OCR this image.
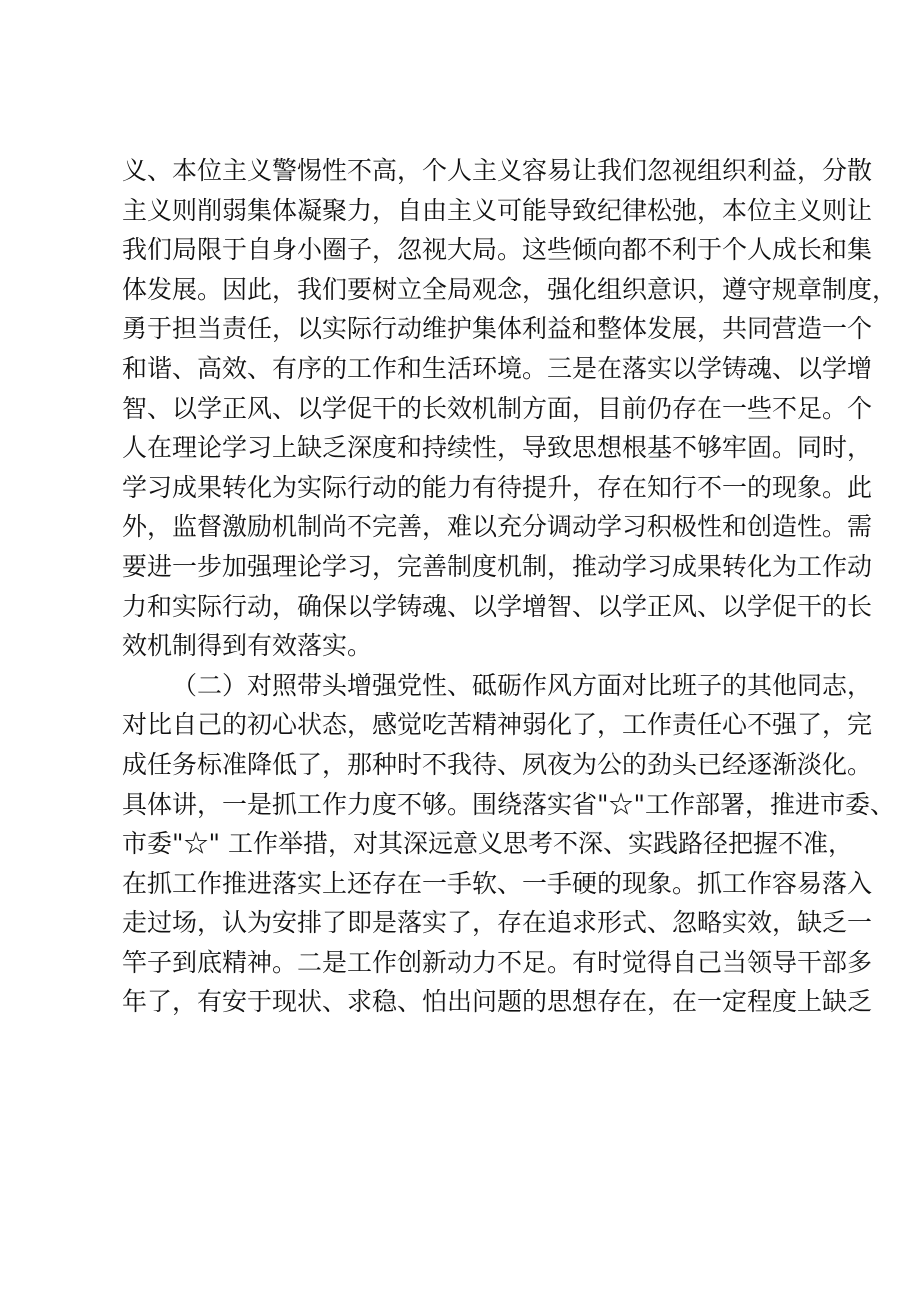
义、本位主义警惕性不高，个人主义容易让我们忽视组织利益，分散
主义则削弱集体凝聚力，自由主义可能导致纪律松弛，本位主义则让
我们局限于自身小圈子，忽视大局。这些倾向都不利于个人成长和集
体发展。因此，我们要树立全局观念，强化组织意识，遵守规章制度，
勇于担当责任，以实际行动维护集体利益和整体发展，共同营造一个
和谐、高效、有序的工作和生活环境。三是在落实以学铸魂、以学增
智、以学正风、以学促干的长效机制方面，目前仍存在一些不足。个
人在理论学习上缺乏深度和持续性，导致思想根基不够牢固。同时，
学习成果转化为实际行动的能力有待提升，存在知行不一的现象。此
外，监督激励机制尚不完善，难以充分调动学习积极性和创造性。需
要进一步加强理论学习，完善制度机制，推动学习成果转化为工作动
力和实际行动，确保以学铸魂、以学增智、以学正风、以学促干的长
效机制得到有效落实。
（二）对照带头增强党性、砥砺作风方面对比班子的其他同志，
对比自己的初心状态，感觉吃苦精神弱化了，工作责任心不强了，完
成任务标准降低了，那种时不我待、夙夜为公的劲头已经逐渐淡化。
具体讲，一是抓工作力度不够。围绕落实省"☆"工作部署，推进市委、
市委"☆" 工作举措，对其深远意义思考不深、实践路径把握不准，
在抓工作推进落实上还存在一手软、一手硬的现象。抓工作容易落入
走过场，认为安排了即是落实了，存在追求形式、忽略实效，缺乏一
竿子到底精神。二是工作创新动力不足。有时觉得自己当领导干部多
年了，有安于现状、求稳、怕出问题的思想存在，在一定程度上缺乏
